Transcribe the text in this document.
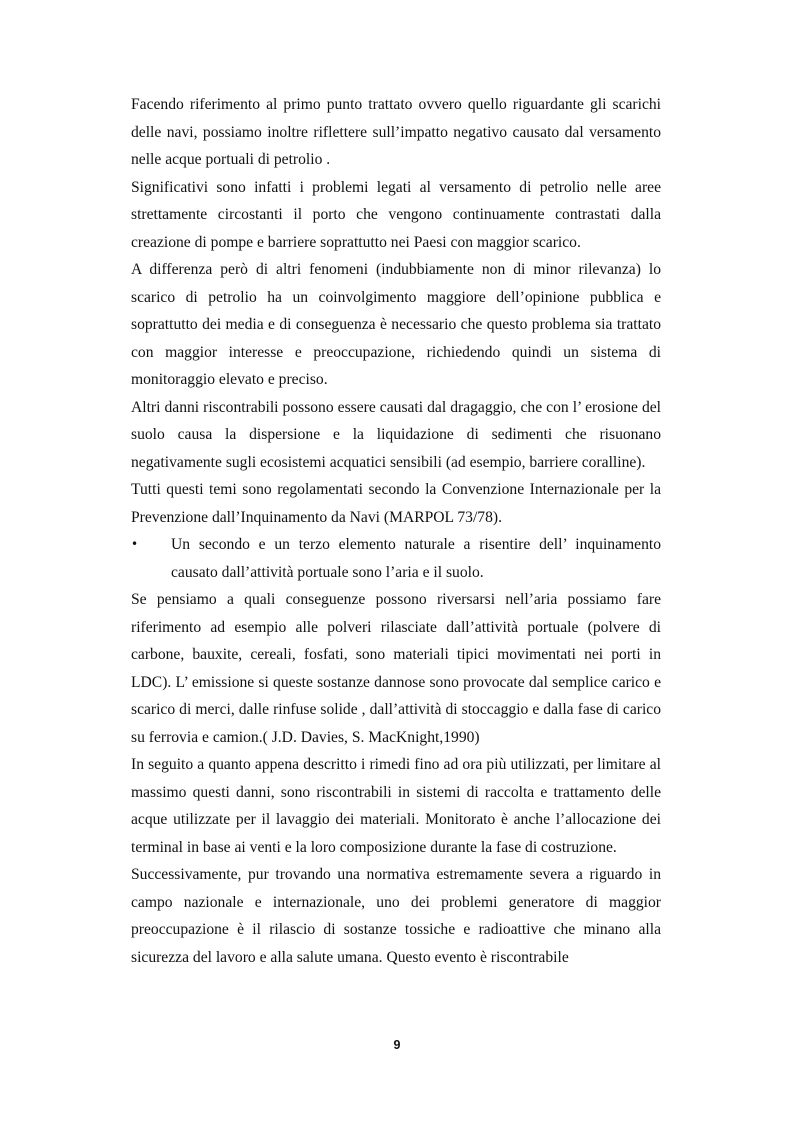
Facendo riferimento al primo punto trattato ovvero quello riguardante gli scarichi delle navi, possiamo inoltre riflettere sull’impatto negativo causato dal versamento nelle acque portuali di petrolio .

Significativi sono infatti i problemi legati al versamento di petrolio nelle aree strettamente circostanti il porto che vengono continuamente contrastati dalla creazione di pompe e barriere soprattutto nei Paesi con maggior scarico.

A differenza però di altri fenomeni (indubbiamente non di minor rilevanza) lo scarico di petrolio ha un coinvolgimento maggiore dell’opinione pubblica e soprattutto dei media e di conseguenza è necessario che questo problema sia trattato con maggior interesse e preoccupazione, richiedendo quindi un sistema di monitoraggio elevato e preciso.

Altri danni riscontrabili possono essere causati dal dragaggio, che con l’ erosione del suolo causa la dispersione e la liquidazione di sedimenti che risuonano negativamente sugli ecosistemi acquatici sensibili (ad esempio, barriere coralline).

Tutti questi temi sono regolamentati secondo la Convenzione Internazionale per la Prevenzione dall’Inquinamento da Navi (MARPOL 73/78).

•	Un secondo e un terzo elemento naturale a risentire dell’ inquinamento causato dall’attività portuale sono l’aria e il suolo.

Se pensiamo a quali conseguenze possono riversarsi nell’aria possiamo fare riferimento ad esempio alle polveri rilasciate dall’attività portuale (polvere di carbone, bauxite, cereali, fosfati, sono materiali tipici movimentati nei porti in LDC). L’ emissione si queste sostanze dannose sono provocate dal semplice carico e scarico di merci, dalle rinfuse solide , dall’attività di stoccaggio e dalla fase di carico su ferrovia e camion.( J.D. Davies, S. MacKnight,1990)

In seguito a quanto appena descritto i rimedi fino ad ora più utilizzati, per limitare al massimo questi danni, sono riscontrabili in sistemi di raccolta e trattamento delle acque utilizzate per il lavaggio dei materiali. Monitorato è anche l’allocazione dei terminal in base ai venti e la loro composizione durante la fase di costruzione.

Successivamente, pur trovando una normativa estremamente severa a riguardo in campo nazionale e internazionale, uno dei problemi generatore di maggior preoccupazione è il rilascio di sostanze tossiche e radioattive che minano alla sicurezza del lavoro e alla salute umana. Questo evento è riscontrabile

9
